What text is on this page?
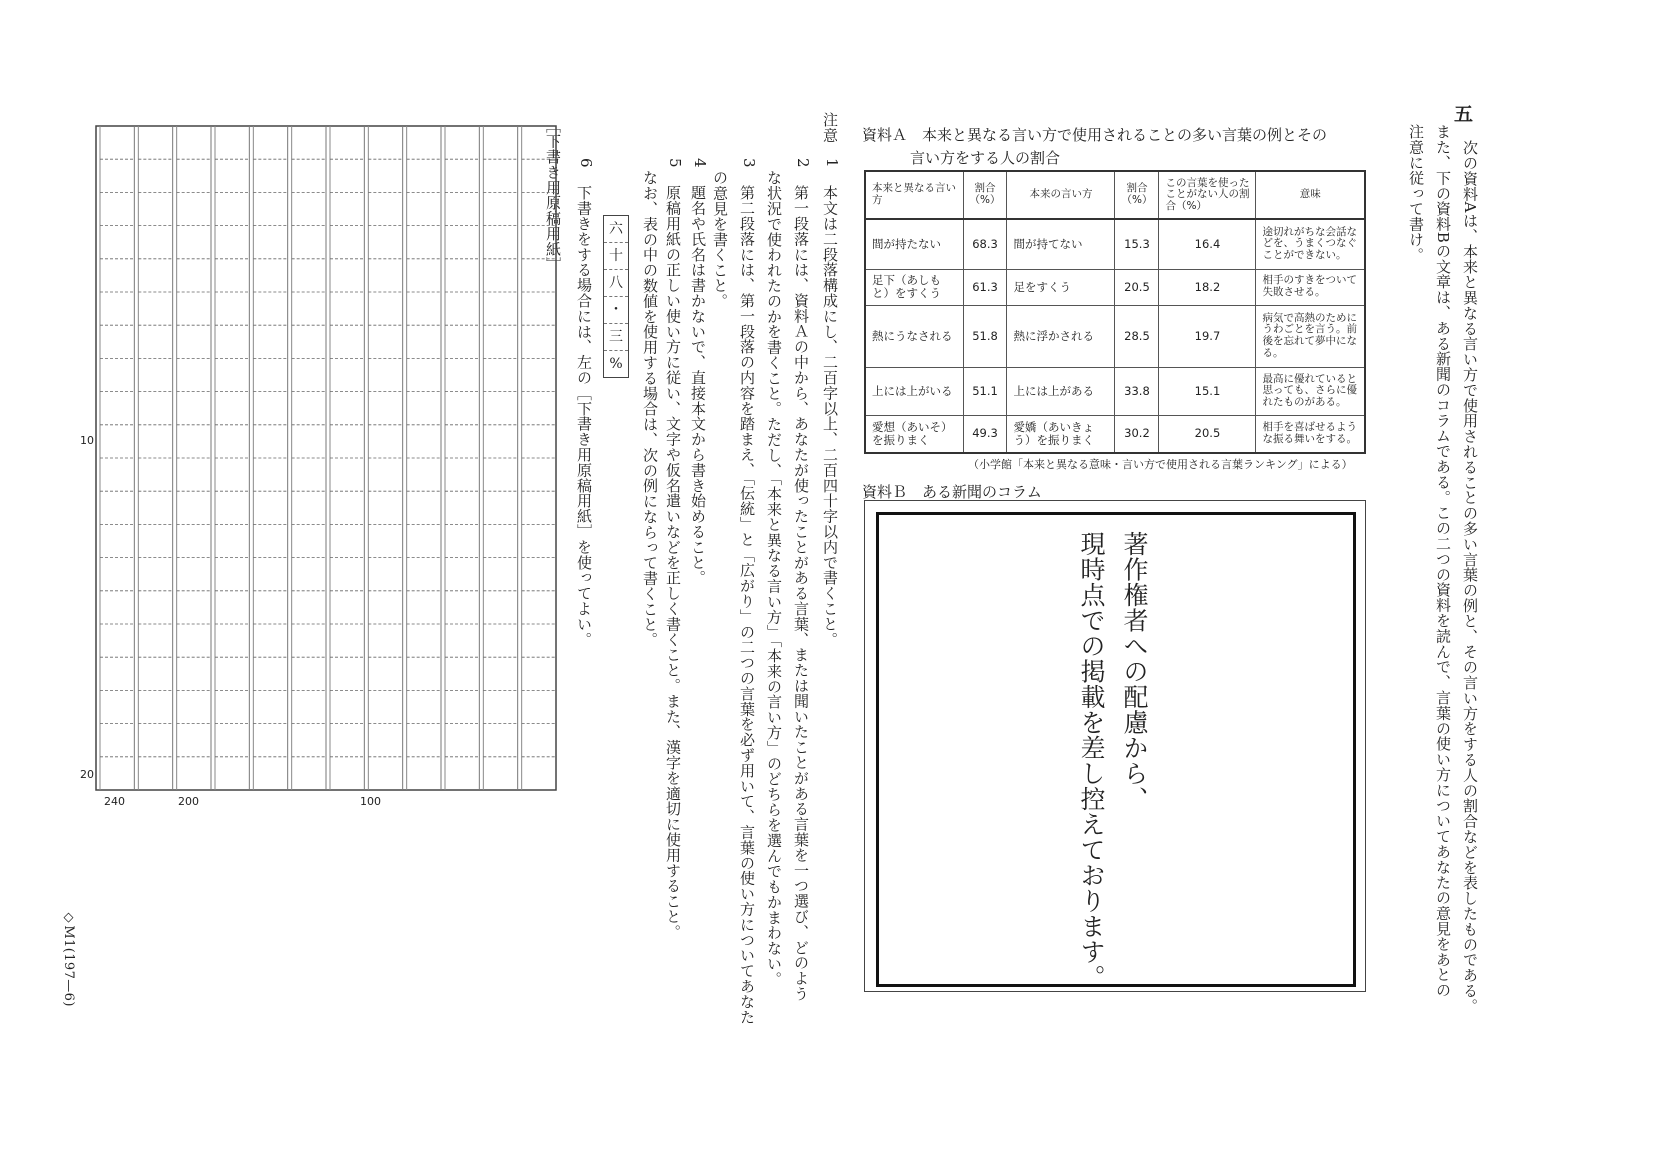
五
次の資料Aは、本来と異なる言い方で使用されることの多い言葉の例と、その言い方をする人の割合などを表したものである。
また、下の資料Bの文章は、ある新聞のコラムである。この二つの資料を読んで、言葉の使い方についてあなたの意見をあとの
注意に従って書け。
資料Ａ　本来と異なる言い方で使用されることの多い言葉の例とその
言い方をする人の割合
本来と異なる言い方	割合（%）	本来の言い方	割合（%）	この言葉を使ったことがない人の割合（%）	意味
間が持たない	68.3	間が持てない	15.3	16.4	途切れがちな会話などを、うまくつなぐことができない。
足下（あしもと）をすくう	61.3	足をすくう	20.5	18.2	相手のすきをついて失敗させる。
熱にうなされる	51.8	熱に浮かされる	28.5	19.7	病気で高熱のためにうわごとを言う。前後を忘れて夢中になる。
上には上がいる	51.1	上には上がある	33.8	15.1	最高に優れていると思っても、さらに優れたものがある。
愛想（あいそ）を振りまく	49.3	愛嬌（あいきょう）を振りまく	30.2	20.5	相手を喜ばせるような振る舞いをする。
（小学館「本来と異なる意味・言い方で使用される言葉ランキング」による）
資料Ｂ　ある新聞のコラム
著作権者への配慮から、
現時点での掲載を差し控えております。
注意
1
本文は二段落構成にし、二百字以上、二百四十字以内で書くこと。
2
第一段落には、資料Ａの中から、あなたが使ったことがある言葉、または聞いたことがある言葉を一つ選び、どのよう
な状況で使われたのかを書くこと。ただし、「本来と異なる言い方」「本来の言い方」のどちらを選んでもかまわない。
3
第二段落には、第一段落の内容を踏まえ、「伝統」と「広がり」の二つの言葉を必ず用いて、言葉の使い方についてあなた
の意見を書くこと。
4
題名や氏名は書かないで、直接本文から書き始めること。
5
原稿用紙の正しい使い方に従い、文字や仮名遣いなどを正しく書くこと。また、漢字を適切に使用すること。
なお、表の中の数値を使用する場合は、次の例にならって書くこと。
六
十
八
・
三
%
6
下書きをする場合には、左の［下書き用原稿用紙］を使ってよい。
［下書き用原稿用紙］
10
20
240	200	100
◇M1(197—6)
